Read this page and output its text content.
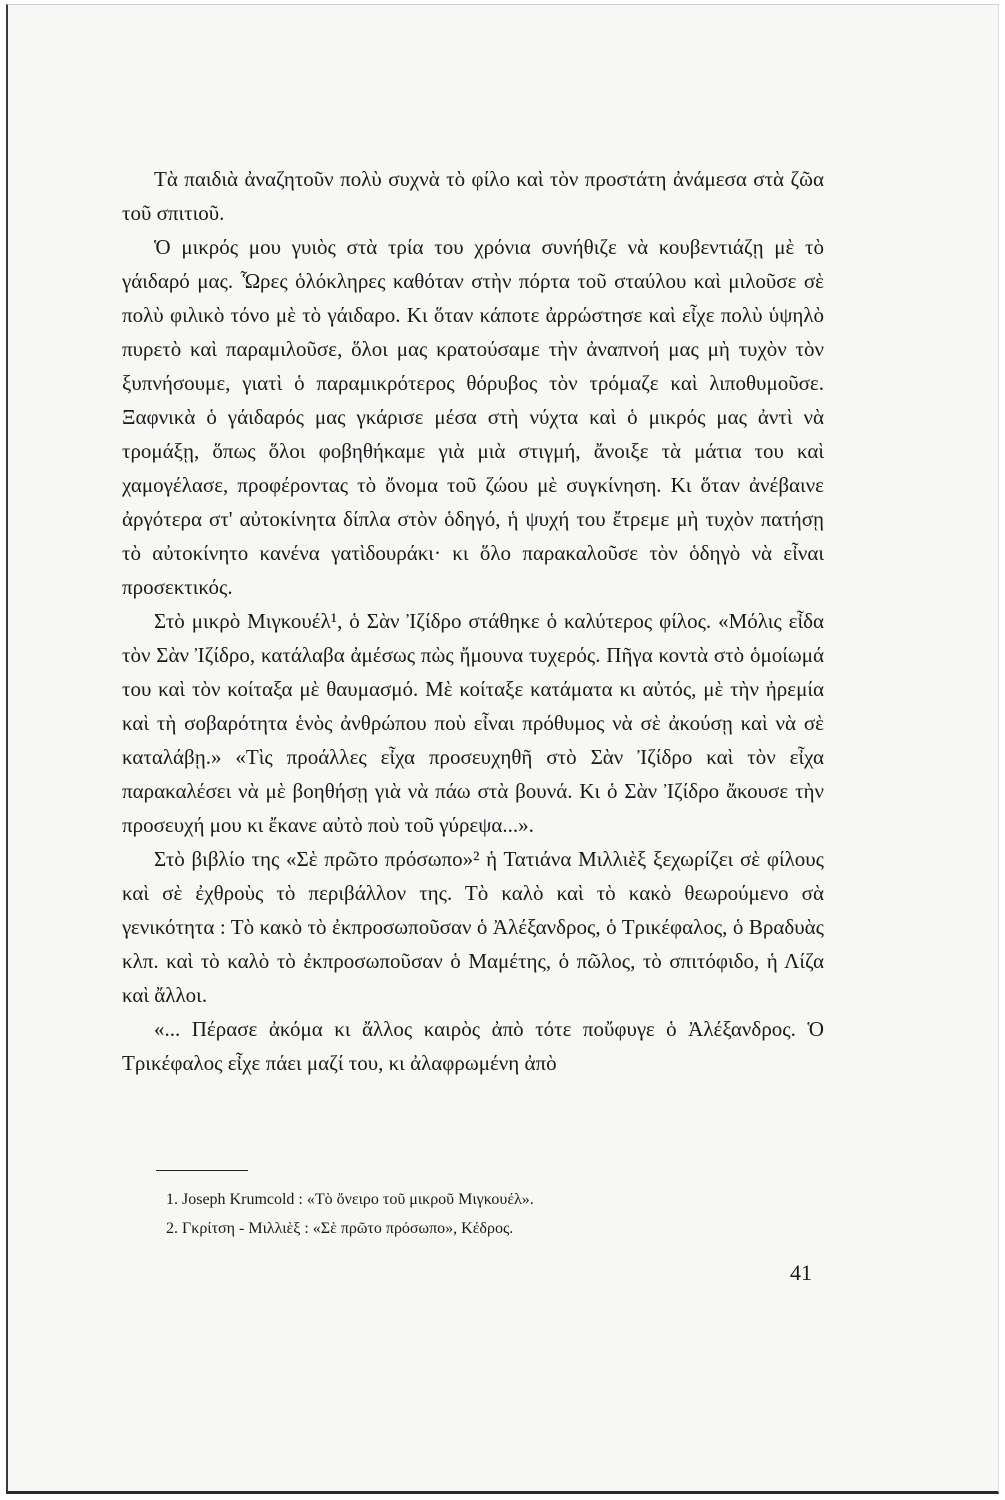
Τὰ παιδιὰ ἀναζητοῦν πολὺ συχνὰ τὸ φίλο καὶ τὸν προστάτη ἀνάμεσα στὰ ζῶα τοῦ σπιτιοῦ.

Ὁ μικρός μου γυιὸς στὰ τρία του χρόνια συνήθιζε νὰ κουβεντιάζῃ μὲ τὸ γάιδαρό μας. Ὧρες ὁλόκληρες καθόταν στὴν πόρτα τοῦ σταύλου καὶ μιλοῦσε σὲ πολὺ φιλικὸ τόνο μὲ τὸ γάιδαρο. Κι ὅταν κάποτε ἀρρώστησε καὶ εἶχε πολὺ ὑψηλὸ πυρετὸ καὶ παραμιλοῦσε, ὅλοι μας κρατούσαμε τὴν ἀναπνοή μας μὴ τυχὸν τὸν ξυπνήσουμε, γιατὶ ὁ παραμικρότερος θόρυβος τὸν τρόμαζε καὶ λιποθυμοῦσε. Ξαφνικὰ ὁ γάιδαρός μας γκάρισε μέσα στὴ νύχτα καὶ ὁ μικρός μας ἀντὶ νὰ τρομάξῃ, ὅπως ὅλοι φοβηθήκαμε γιὰ μιὰ στιγμή, ἄνοιξε τὰ μάτια του καὶ χαμογέλασε, προφέροντας τὸ ὄνομα τοῦ ζώου μὲ συγκίνηση. Κι ὅταν ἀνέβαινε ἀργότερα στ' αὐτοκίνητα δίπλα στὸν ὁδηγό, ἡ ψυχή του ἔτρεμε μὴ τυχὸν πατήσῃ τὸ αὐτοκίνητο κανένα γατὶδουράκι· κι ὅλο παρακαλοῦσε τὸν ὁδηγὸ νὰ εἶναι προσεκτικός.

Στὸ μικρὸ Μιγκουέλ¹, ὁ Σὰν Ἰζίδρο στάθηκε ὁ καλύτερος φίλος. «Μόλις εἶδα τὸν Σὰν Ἰζίδρο, κατάλαβα ἀμέσως πὼς ἤμουνα τυχερός. Πῆγα κοντὰ στὸ ὁμοίωμά του καὶ τὸν κοίταξα μὲ θαυμασμό. Μὲ κοίταξε κατάματα κι αὐτός, μὲ τὴν ἠρεμία καὶ τὴ σοβαρότητα ἑνὸς ἀνθρώπου ποὺ εἶναι πρόθυμος νὰ σὲ ἀκούσῃ καὶ νὰ σὲ καταλάβῃ.» «Τὶς προάλλες εἶχα προσευχηθῆ στὸ Σὰν Ἰζίδρο καὶ τὸν εἶχα παρακαλέσει νὰ μὲ βοηθήσῃ γιὰ νὰ πάω στὰ βουνά. Κι ὁ Σὰν Ἰζίδρο ἄκουσε τὴν προσευχή μου κι ἔκανε αὐτὸ ποὺ τοῦ γύρεψα...».

Στὸ βιβλίο της «Σὲ πρῶτο πρόσωπο»² ἡ Τατιάνα Μιλλιὲξ ξεχωρίζει σὲ φίλους καὶ σὲ ἐχθροὺς τὸ περιβάλλον της. Τὸ καλὸ καὶ τὸ κακὸ θεωρούμενο σὰ γενικότητα : Τὸ κακὸ τὸ ἐκπροσωποῦσαν ὁ Ἀλέξανδρος, ὁ Τρικέφαλος, ὁ Βραδυὰς κλπ. καὶ τὸ καλὸ τὸ ἐκπροσωποῦσαν ὁ Μαμέτης, ὁ πῶλος, τὸ σπιτόφιδο, ἡ Λίζα καὶ ἄλλοι.

«... Πέρασε ἀκόμα κι ἄλλος καιρὸς ἀπὸ τότε ποὔφυγε ὁ Ἀλέξανδρος. Ὁ Τρικέφαλος εἶχε πάει μαζί του, κι ἀλαφρωμένη ἀπὸ

1. Joseph Krumcold : «Τὸ ὄνειρο τοῦ μικροῦ Μιγκουέλ».
2. Γκρίτση - Μιλλιὲξ : «Σὲ πρῶτο πρόσωπο», Κέδρος.
41
